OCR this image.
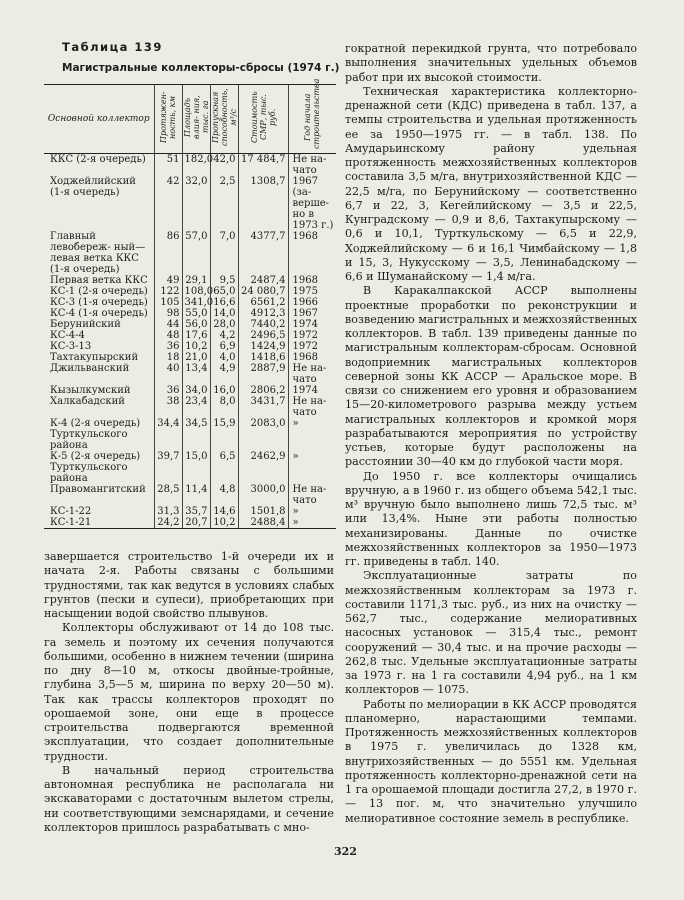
Таблица 139
Магистральные коллекторы-сбросы (1974 г.)
Основной коллектор	Протяжен- ность, км	Площадь влия- ния, тыс. га	Пропускная способность, м³/с	Стоимость СМР, тыс. руб.	Год начала строительства
ККС (2-я очередь)	51	182,0	42,0	17 484,7	Не на- чато
Ходжейлийский (1-я очередь)	42	32,0	2,5	1308,7	1967 (за- верше- но в 1973 г.)
Главный левобереж- ный—левая ветка ККС (1-я очередь)	86	57,0	7,0	4377,7	1968
Первая ветка ККС	49	29,1	9,5	2487,4	1968
КС-1 (2-я очередь)	122	108,0	65,0	24 080,7	1975
КС-3 (1-я очередь)	105	341,0	16,6	6561,2	1966
КС-4 (1-я очередь)	98	55,0	14,0	4912,3	1967
Берунийский	44	56,0	28,0	7440,2	1974
КС-4-4	48	17,6	4,2	2496,5	1972
КС-3-13	36	10,2	6,9	1424,9	1972
Тахтакупырский	18	21,0	4,0	1418,6	1968
Джильванский	40	13,4	4,9	2887,9	Не на- чато
Кызылкумский	36	34,0	16,0	2806,2	1974
Халкабадский	38	23,4	8,0	3431,7	Не на- чато
К-4 (2-я очередь) Турткульского района	34,4	34,5	15,9	2083,0	»
К-5 (2-я очередь) Турткульского района	39,7	15,0	6,5	2462,9	»
Правомангитский	28,5	11,4	4,8	3000,0	Не на- чато
КС-1-22	31,3	35,7	14,6	1501,8	»
КС-1-21	24,2	20,7	10,2	2488,4	»

завершается строительство 1-й очереди их и начата 2-я. Работы связаны с большими трудностями, так как ведутся в условиях слабых грунтов (пески и супеси), приобретающих при насыщении водой свойство плывунов.

Коллекторы обслуживают от 14 до 108 тыс. га земель и поэтому их сечения получаются большими, особенно в нижнем течении (ширина по дну 8—10 м, откосы двойные-тройные, глубина 3,5—5 м, ширина по верху 20—50 м). Так как трассы коллекторов проходят по орошаемой зоне, они еще в процессе строительства подвергаются временной эксплуатации, что создает дополнительные трудности.

В начальный период строительства автономная республика не располагала ни экскаваторами с достаточным вылетом стрелы, ни соответствующими земснарядами, и сечение коллекторов пришлось разрабатывать с мно-

гократной перекидкой грунта, что потребовало выполнения значительных удельных объемов работ при их высокой стоимости.

Техническая характеристика коллекторно-дренажной сети (КДС) приведена в табл. 137, а темпы строительства и удельная протяженность ее за 1950—1975 гг. — в табл. 138. По Амударьинскому району удельная протяженность межхозяйственных коллекторов составила 3,5 м/га, внутрихозяйственной КДС — 22,5 м/га, по Берунийскому — соответственно 6,7 и 22, 3, Кегейлийскому — 3,5 и 22,5, Кунградскому — 0,9 и 8,6, Тахтакупырскому — 0,6 и 10,1, Турткульскому — 6,5 и 22,9, Ходжейлийскому — 6 и 16,1 Чимбайскому — 1,8 и 15, 3, Нукусскому — 3,5, Ленинабадскому — 6,6 и Шуманайскому — 1,4 м/га.

В Каракалпакской АССР выполнены проектные проработки по реконструкции и возведению магистральных и межхозяйственных коллекторов. В табл. 139 приведены данные по магистральным коллекторам-сбросам. Основной водоприемник магистральных коллекторов северной зоны КК АССР — Аральское море. В связи со снижением его уровня и образованием 15—20-километрового разрыва между устьем магистральных коллекторов и кромкой моря разрабатываются мероприятия по устройству устьев, которые будут расположены на расстоянии 30—40 км до глубокой части моря.

До 1950 г. все коллекторы очищались вручную, а в 1960 г. из общего объема 542,1 тыс. м³ вручную было выполнено лишь 72,5 тыс. м³ или 13,4%. Ныне эти работы полностью механизированы. Данные по очистке межхозяйственных коллекторов за 1950—1973 гг. приведены в табл. 140.

Эксплуатационные затраты по межхозяйственным коллекторам за 1973 г. составили 1171,3 тыс. руб., из них на очистку — 562,7 тыс., содержание мелиоративных насосных установок — 315,4 тыс., ремонт сооружений — 30,4 тыс. и на прочие расходы — 262,8 тыс. Удельные эксплуатационные затраты за 1973 г. на 1 га составили 4,94 руб., на 1 км коллекторов — 1075.

Работы по мелиорации в КК АССР проводятся планомерно, нарастающими темпами. Протяженность межхозяйственных коллекторов в 1975 г. увеличилась до 1328 км, внутрихозяйственных — до 5551 км. Удельная протяженность коллекторно-дренажной сети на 1 га орошаемой площади достигла 27,2, в 1970 г. — 13 пог. м, что значительно улучшило мелиоративное состояние земель в республике.

322
